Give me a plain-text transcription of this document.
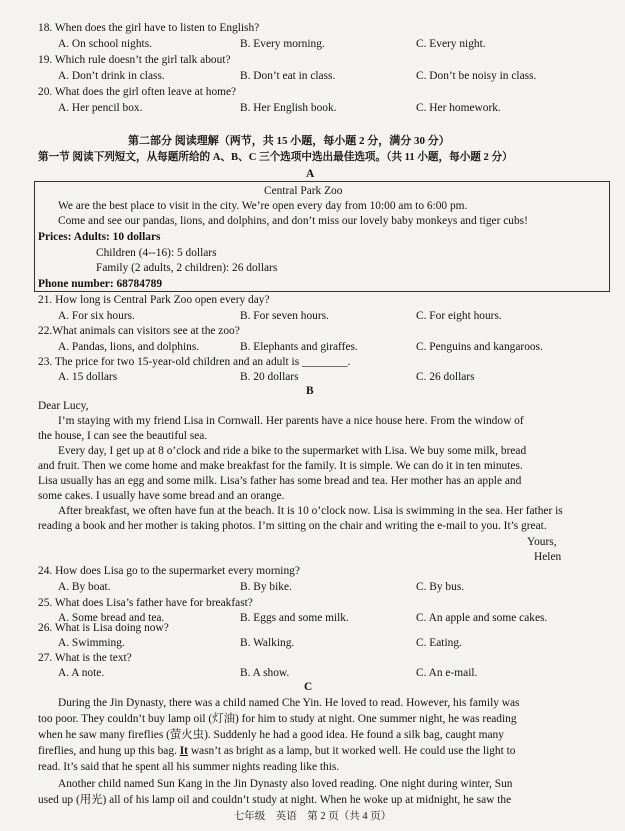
18. When does the girl have to listen to English?
A. On school nights.	B. Every morning.	C. Every night.
19. Which rule doesn’t the girl talk about?
A. Don’t drink in class.	B. Don’t eat in class.	C. Don’t be noisy in class.
20. What does the girl often leave at home?
A. Her pencil box.	B. Her English book.	C. Her homework.
第二部分 阅读理解（两节，共 15 小题，每小题 2 分，满分 30 分）
第一节 阅读下列短文，从每题所给的 A、B、C 三个选项中选出最佳选项。（共 11 小题，每小题 2 分）
A
Central Park Zoo
We are the best place to visit in the city. We’re open every day from 10:00 am to 6:00 pm.
Come and see our pandas, lions, and dolphins, and don’t miss our lovely baby monkeys and tiger cubs!
Prices: Adults: 10 dollars
Children (4--16): 5 dollars
Family (2 adults, 2 children): 26 dollars
Phone number: 68784789
21. How long is Central Park Zoo open every day?
A. For six hours.	B. For seven hours.	C. For eight hours.
22.What animals can visitors see at the zoo?
A. Pandas, lions, and dolphins.	B. Elephants and giraffes.	C. Penguins and kangaroos.
23. The price for two 15-year-old children and an adult is ________.
A. 15 dollars	B. 20 dollars	C. 26 dollars
B
Dear Lucy,
I’m staying with my friend Lisa in Cornwall. Her parents have a nice house here. From the window of
the house, I can see the beautiful sea.
Every day, I get up at 8 o’clock and ride a bike to the supermarket with Lisa. We buy some milk, bread
and fruit. Then we come home and make breakfast for the family. It is simple. We can do it in ten minutes.
Lisa usually has an egg and some milk. Lisa’s father has some bread and tea. Her mother has an apple and
some cakes. I usually have some bread and an orange.
After breakfast, we often have fun at the beach. It is 10 o’clock now. Lisa is swimming in the sea. Her father is
reading a book and her mother is taking photos. I’m sitting on the chair and writing the e-mail to you. It’s great.
Yours,
Helen
24. How does Lisa go to the supermarket every morning?
A. By boat.	B. By bike.	C. By bus.
25. What does Lisa’s father have for breakfast?
A. Some bread and tea.	B. Eggs and some milk.	C. An apple and some cakes.
26. What is Lisa doing now?
A. Swimming.	B. Walking.	C. Eating.
27. What is the text?
A. A note.	B. A show.	C. An e-mail.
C
During the Jin Dynasty, there was a child named Che Yin. He loved to read. However, his family was
too poor. They couldn’t buy lamp oil (灯油) for him to study at night. One summer night, he was reading
when he saw many fireflies (萤火虫). Suddenly he had a good idea. He found a silk bag, caught many
fireflies, and hung up this bag. It wasn’t as bright as a lamp, but it worked well. He could use the light to
read. It’s said that he spent all his summer nights reading like this.
Another child named Sun Kang in the Jin Dynasty also loved reading. One night during winter, Sun
used up (用光) all of his lamp oil and couldn’t study at night. When he woke up at midnight, he saw the
七年级　英语　第 2 页（共 4 页）
